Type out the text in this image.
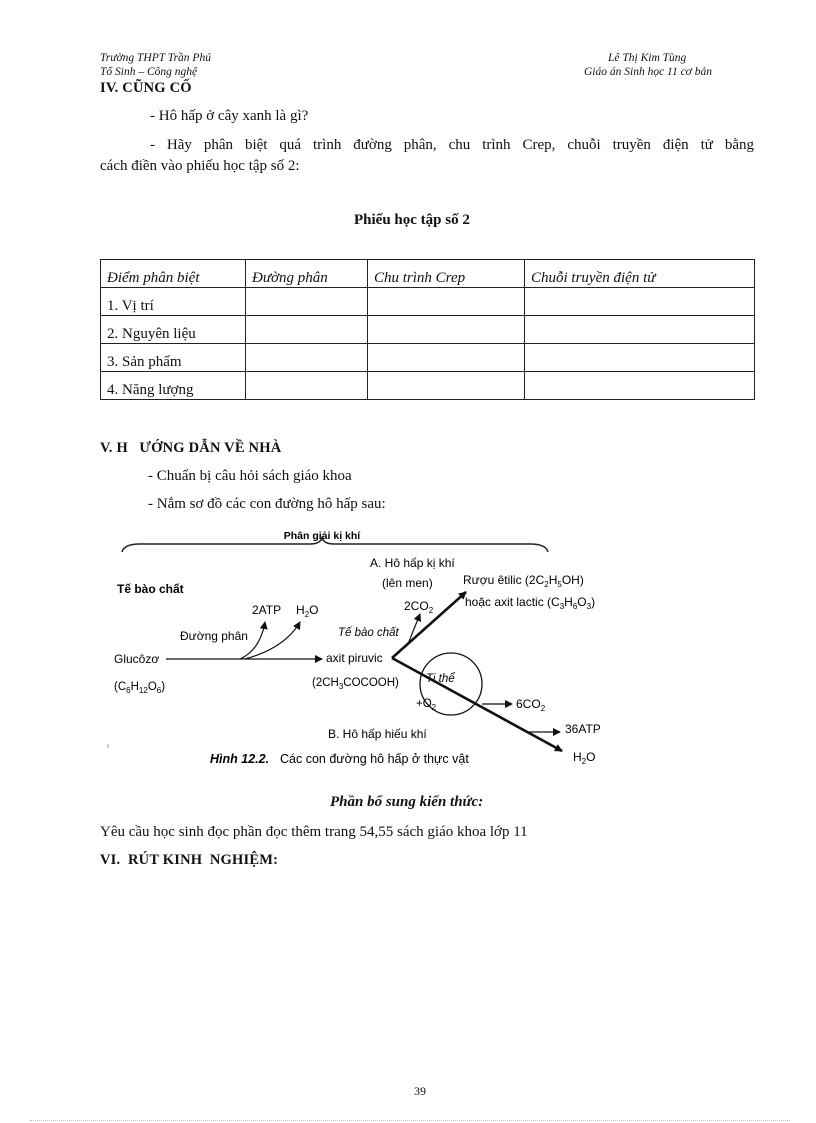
Trường THPT Trần Phú
Tổ Sinh – Công nghệ
Lê Thị Kim Tùng
Giáo án Sinh học 11 cơ bản
IV. CŨNG CỐ
- Hô hấp ở cây xanh là gì?
- Hãy phân biệt quá trình đường phân, chu trình Crep, chuỗi truyền điện tử bằng
cách điền vào phiếu học tập số 2:
Phiếu học tập số 2
Điểm phân biệt	Đường phân	Chu trình Crep	Chuỗi truyền điện tử
1. Vị trí			
2. Nguyên liệu			
3. Sản phẩm			
4. Năng lượng			
V. H   ƯỚNG DẪN VỀ NHÀ
- Chuẩn bị câu hỏi sách giáo khoa
- Nắm sơ đồ các con đường hô hấp sau:
Phân giải kị khí
Tế bào chất
Glucôzơ
$(C_6H_{12}O_6)$
Đường phân
2ATP $H_2O$
axit piruvic
$(2CH_3COCOOH)$
Tế bào chất
A. Hô hấp kị khí
(lên men)
$2CO_2$
Rượu êtilic $(2C_2H_5OH)$
hoặc axit lactic $(C_3H_6O_3)$
Ti thể
$+O_2$	$6CO_2$
36ATP
$H_2O$
B. Hô hấp hiếu khí
Hình 12.2. Các con đường hô hấp ở thực vật
Phần bổ sung kiến thức:
Yêu cầu học sinh đọc phần đọc thêm trang 54,55 sách giáo khoa lớp 11
VI.  RÚT KINH  NGHIỆM:
39
